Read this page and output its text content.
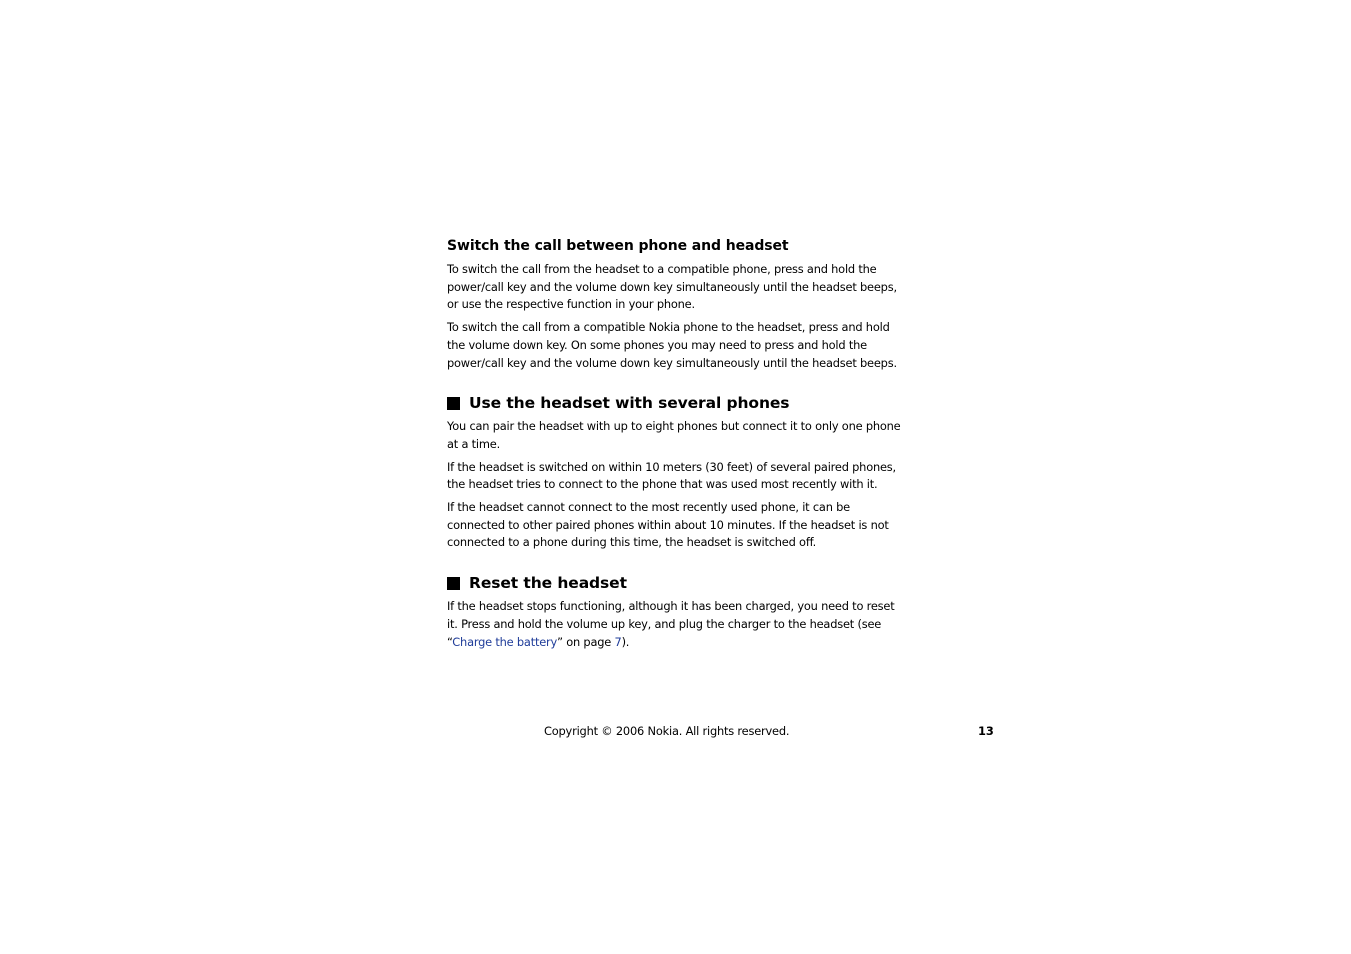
Switch the call between phone and headset

To switch the call from the headset to a compatible phone, press and hold the power/call key and the volume down key simultaneously until the headset beeps, or use the respective function in your phone.

To switch the call from a compatible Nokia phone to the headset, press and hold the volume down key. On some phones you may need to press and hold the power/call key and the volume down key simultaneously until the headset beeps.

Use the headset with several phones

You can pair the headset with up to eight phones but connect it to only one phone at a time.

If the headset is switched on within 10 meters (30 feet) of several paired phones, the headset tries to connect to the phone that was used most recently with it.

If the headset cannot connect to the most recently used phone, it can be connected to other paired phones within about 10 minutes. If the headset is not connected to a phone during this time, the headset is switched off.

Reset the headset

If the headset stops functioning, although it has been charged, you need to reset it. Press and hold the volume up key, and plug the charger to the headset (see “Charge the battery” on page 7).

Copyright © 2006 Nokia. All rights reserved.	13
